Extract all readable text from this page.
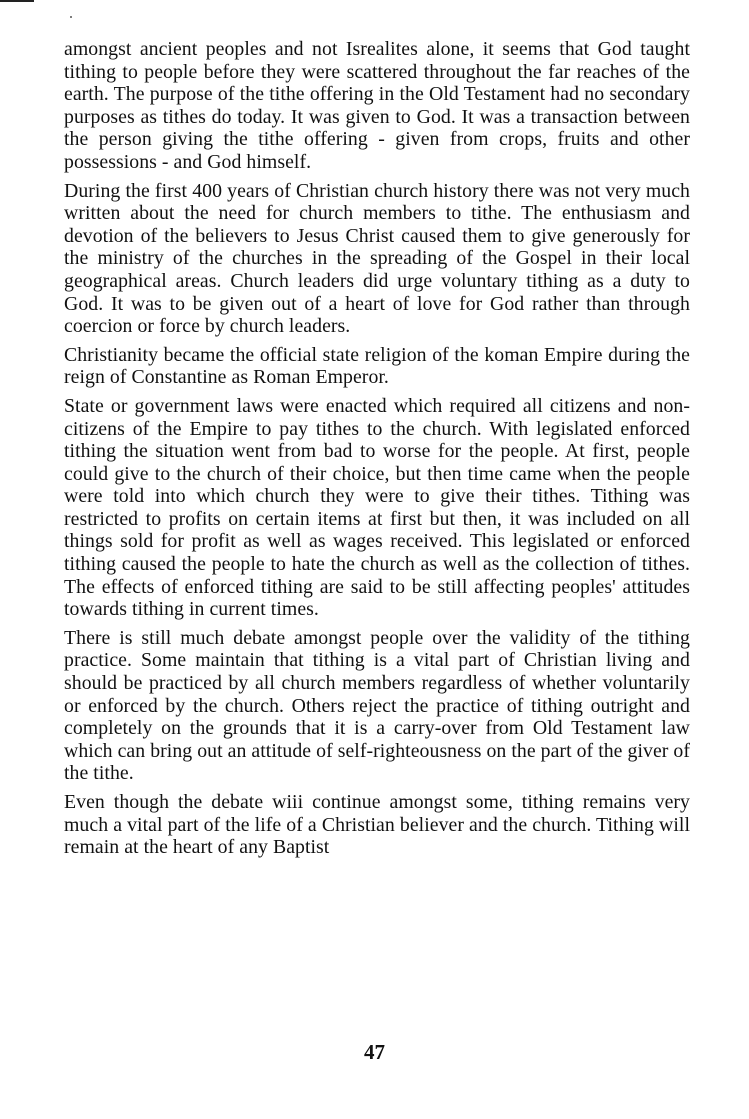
amongst ancient peoples and not Isrealites alone, it seems that God taught tithing to people before they were scattered throughout the far reaches of the earth. The purpose of the tithe offering in the Old Testament had no secondary purposes as tithes do today. It was given to God. It was a transaction between the person giving the tithe offering - given from crops, fruits and other possessions - and God himself.

During the first 400 years of Christian church history there was not very much written about the need for church members to tithe. The enthusiasm and devotion of the believers to Jesus Christ caused them to give generously for the ministry of the churches in the spreading of the Gospel in their local geographical areas. Church leaders did urge voluntary tithing as a duty to God. It was to be given out of a heart of love for God rather than through coercion or force by church leaders.

Christianity became the official state religion of the koman Empire during the reign of Constantine as Roman Emperor.

State or government laws were enacted which required all citizens and non-citizens of the Empire to pay tithes to the church. With legislated enforced tithing the situation went from bad to worse for the people. At first, people could give to the church of their choice, but then time came when the people were told into which church they were to give their tithes. Tithing was restricted to profits on certain items at first but then, it was included on all things sold for profit as well as wages received. This legislated or enforced tithing caused the people to hate the church as well as the collection of tithes. The effects of enforced tithing are said to be still affecting peoples' attitudes towards tithing in current times.

There is still much debate amongst people over the validity of the tithing practice. Some maintain that tithing is a vital part of Christian living and should be practiced by all church members regardless of whether voluntarily or enforced by the church. Others reject the practice of tithing outright and completely on the grounds that it is a carry-over from Old Testament law which can bring out an attitude of self-righteousness on the part of the giver of the tithe.

Even though the debate wiii continue amongst some, tithing remains very much a vital part of the life of a Christian believer and the church. Tithing will remain at the heart of any Baptist

47
